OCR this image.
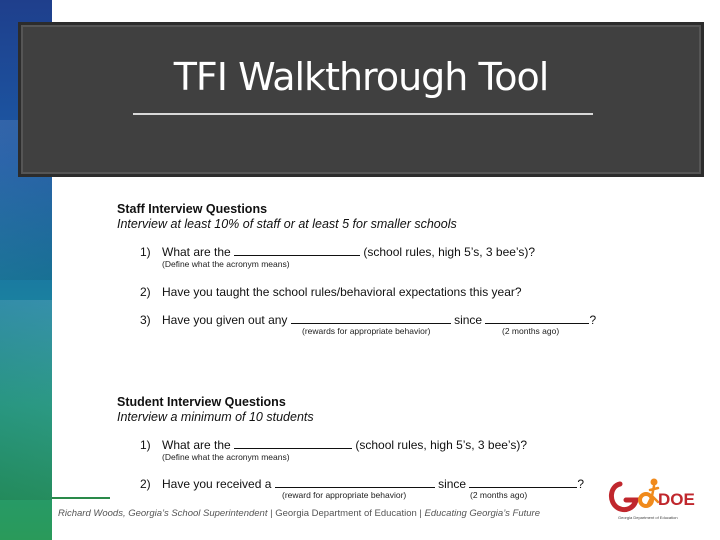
TFI Walkthrough Tool
Staff Interview Questions
Interview at least 10% of staff or at least 5 for smaller schools
1) What are the	(school rules, high 5’s, 3 bee’s)?
(Define what the acronym means)
2) Have you taught the school rules/behavioral expectations this year?
3) Have you given out any	since	?
(rewards for appropriate behavior)	(2 months ago)
Student Interview Questions
Interview a minimum of 10 students
1) What are the	(school rules, high 5’s, 3 bee’s)?
(Define what the acronym means)
2) Have you received a	since	?
(reward for appropriate behavior)	(2 months ago)
Richard Woods, Georgia’s School Superintendent | Georgia Department of Education | Educating Georgia’s Future
DOE
Georgia Department of Education
